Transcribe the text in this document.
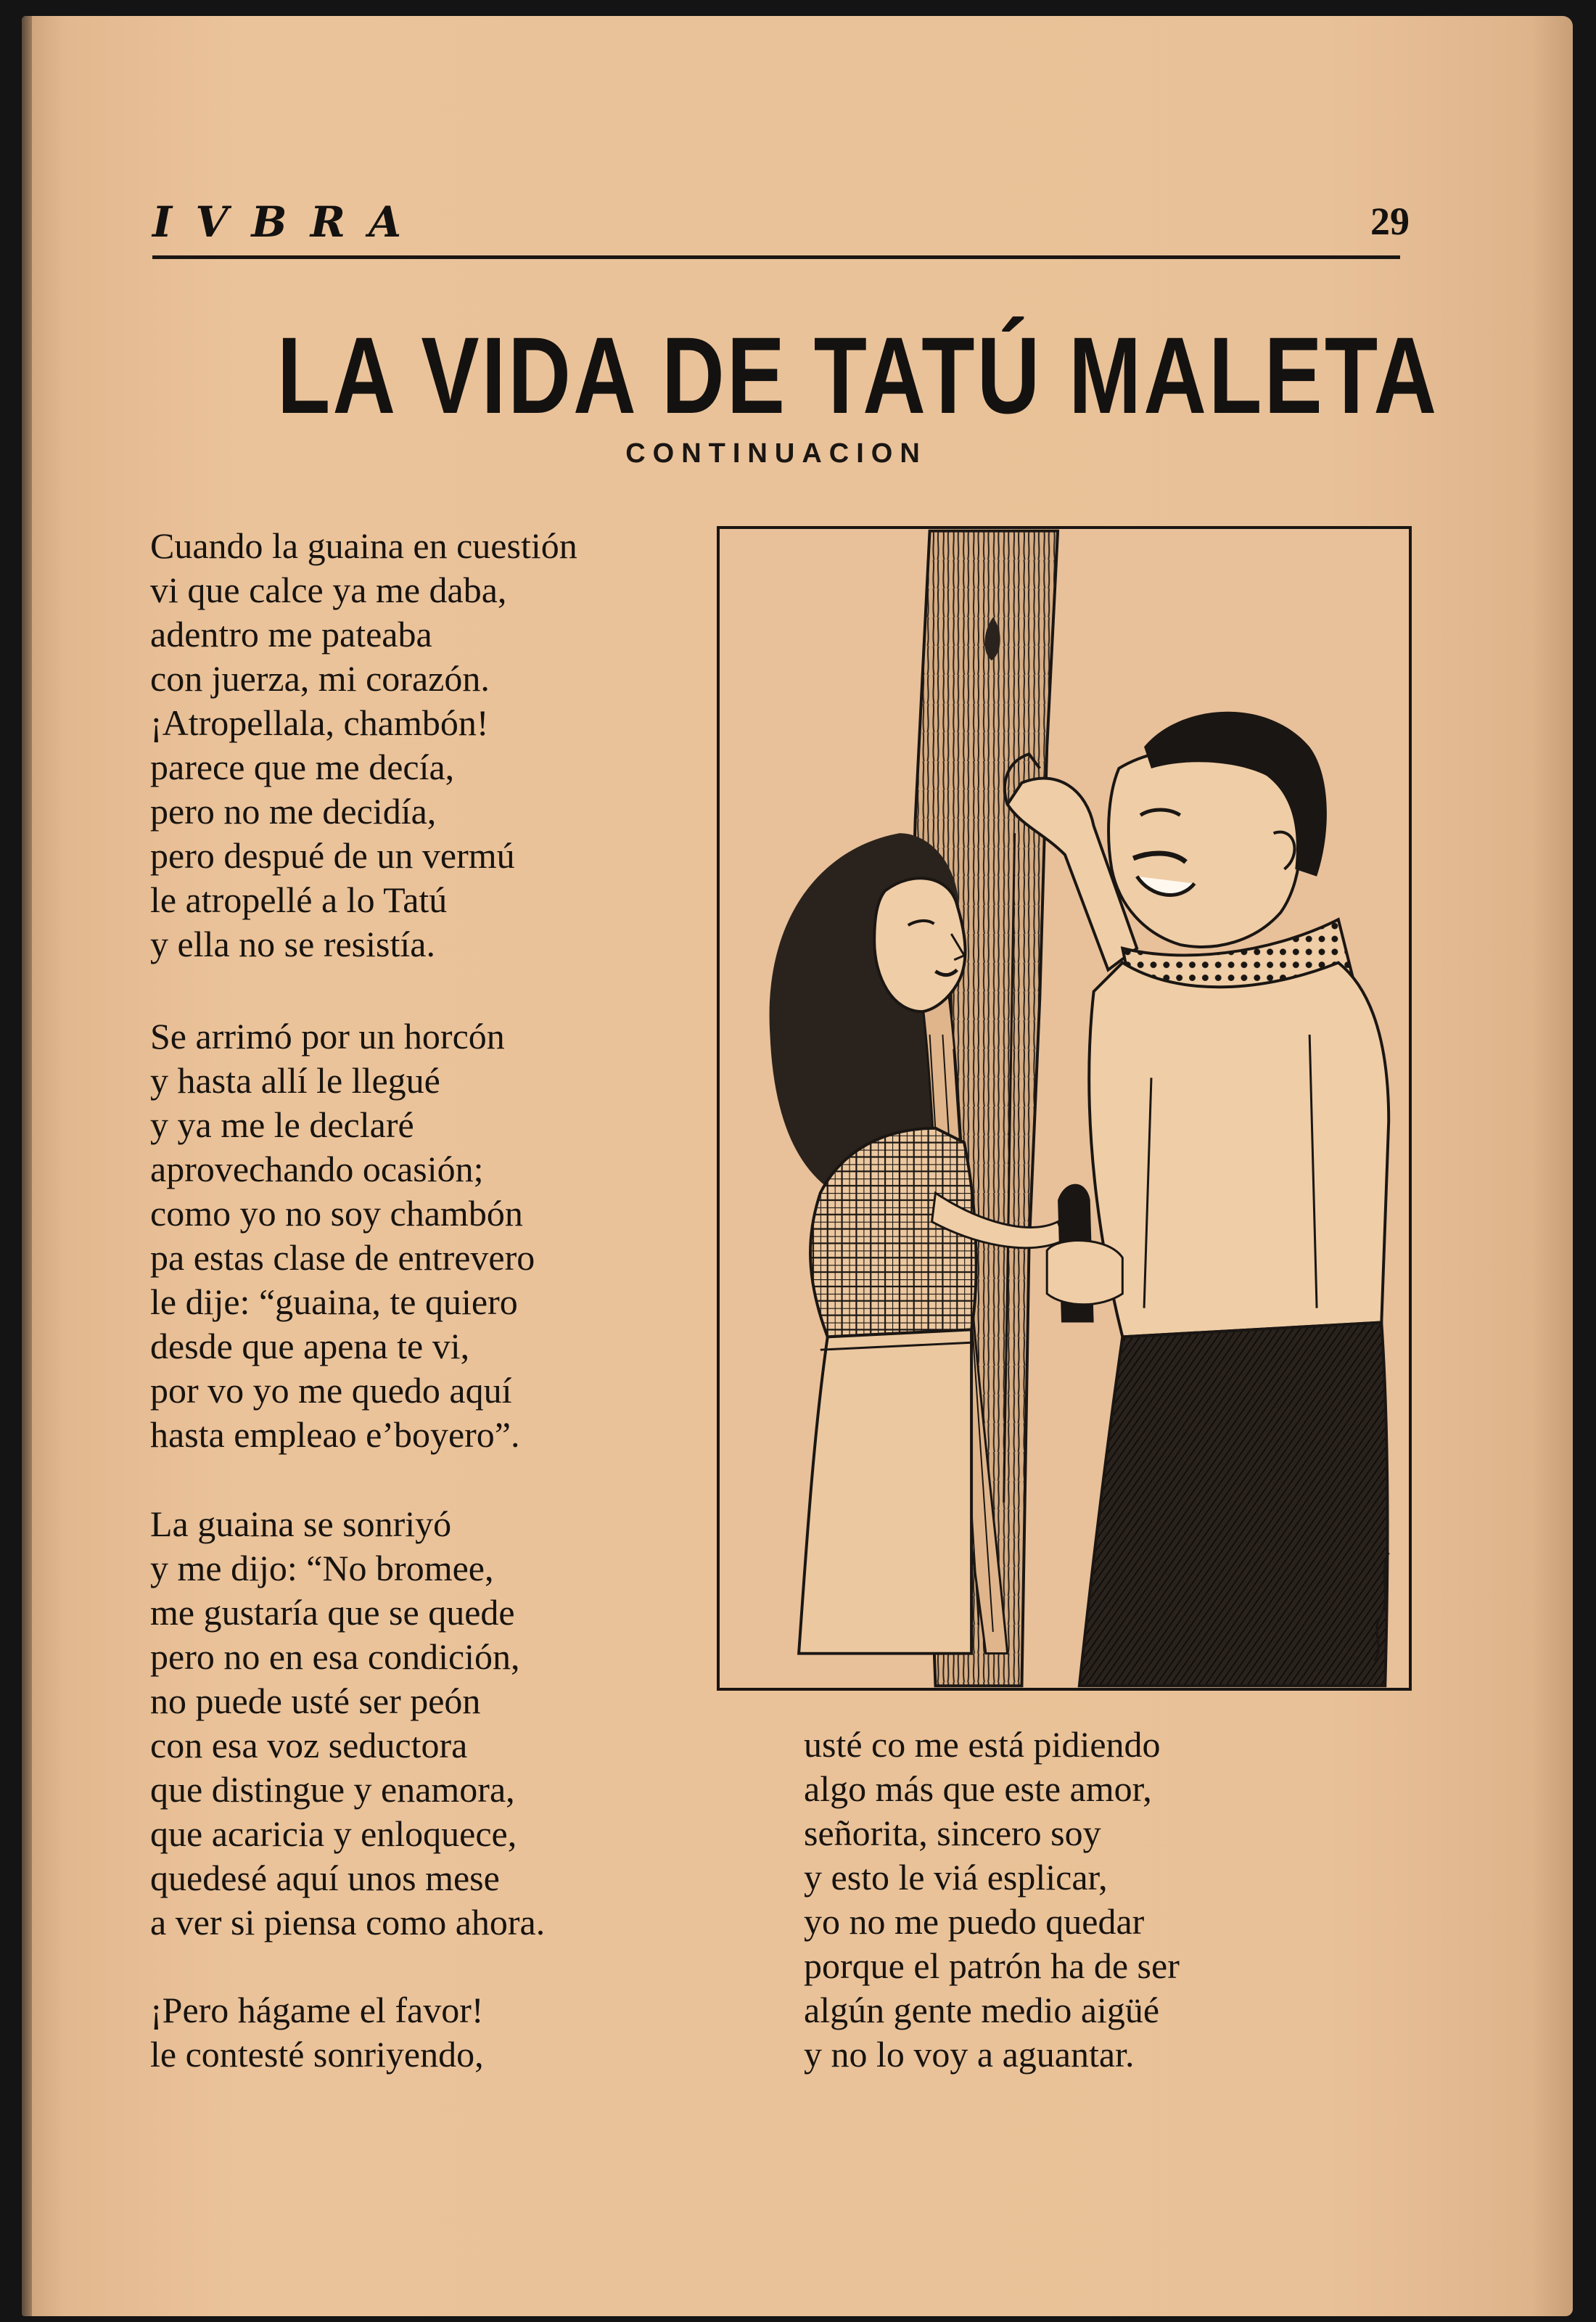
I V B R A	29
LA VIDA DE TATÚ MALETA
CONTINUACION
Cuando la guaina en cuestión
vi que calce ya me daba,
adentro me pateaba
con juerza, mi corazón.
¡Atropellala, chambón!
parece que me decía,
pero no me decidía,
pero despué de un vermú
le atropellé a lo Tatú
y ella no se resistía.
Se arrimó por un horcón
y hasta allí le llegué
y ya me le declaré
aprovechando ocasión;
como yo no soy chambón
pa estas clase de entrevero
le dije: “guaina, te quiero
desde que apena te vi,
por vo yo me quedo aquí
hasta empleao e’boyero”.
La guaina se sonriyó
y me dijo: “No bromee,
me gustaría que se quede
pero no en esa condición,
no puede usté ser peón
con esa voz seductora
que distingue y enamora,
que acaricia y enloquece,
quedesé aquí unos mese
a ver si piensa como ahora.
¡Pero hágame el favor!
le contesté sonriyendo,
usté co me está pidiendo
algo más que este amor,
señorita, sincero soy
y esto le viá esplicar,
yo no me puedo quedar
porque el patrón ha de ser
algún gente medio aigüé
y no lo voy a aguantar.
